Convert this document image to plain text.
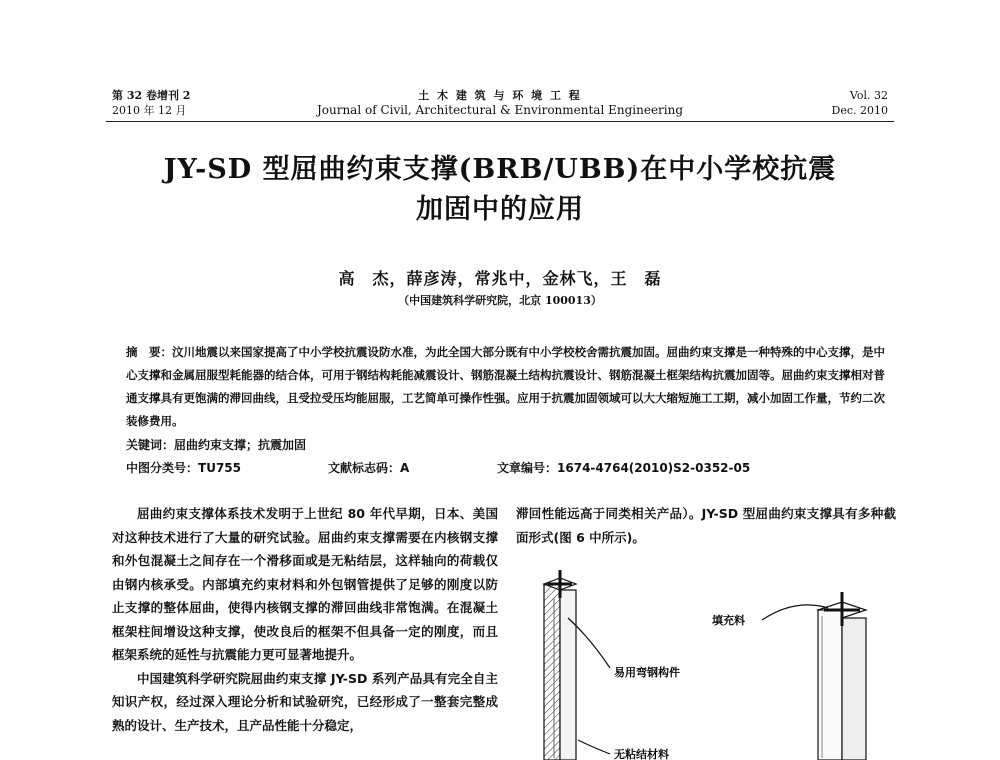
第 32 卷增刊 2
2010 年 12 月
土 木 建 筑 与 环 境 工 程
Journal of Civil, Architectural & Environmental Engineering
Vol. 32
Dec. 2010
JY-SD 型屈曲约束支撑(BRB/UBB)在中小学校抗震
加固中的应用
高　杰，薛彦涛，常兆中，金林飞，王　磊
（中国建筑科学研究院，北京 100013）
摘　要：汶川地震以来国家提高了中小学校抗震设防水准，为此全国大部分既有中小学校校舍需抗震加固。屈曲约束支撑是一种特殊的中心支撑，是中心支撑和金属屈服型耗能器的结合体，可用于钢结构耗能减震设计、钢筋混凝土结构抗震设计、钢筋混凝土框架结构抗震加固等。屈曲约束支撑相对普通支撑具有更饱满的滞回曲线，且受拉受压均能屈服，工艺简单可操作性强。应用于抗震加固领域可以大大缩短施工工期，减小加固工作量，节约二次装修费用。
关键词：屈曲约束支撑；抗震加固
中图分类号：TU755	文献标志码：A	文章编号：1674-4764(2010)S2-0352-05

屈曲约束支撑体系技术发明于上世纪 80 年代早期，日本、美国对这种技术进行了大量的研究试验。屈曲约束支撑需要在内核钢支撑和外包混凝土之间存在一个滑移面或是无粘结层，这样轴向的荷载仅由钢内核承受。内部填充约束材料和外包钢管提供了足够的刚度以防止支撑的整体屈曲，使得内核钢支撑的滞回曲线非常饱满。在混凝土框架柱间增设这种支撑，使改良后的框架不但具备一定的刚度，而且框架系统的延性与抗震能力更可显著地提升。

中国建筑科学研究院屈曲约束支撑 JY-SD 系列产品具有完全自主知识产权，经过深入理论分析和试验研究，已经形成了一整套完整成熟的设计、生产技术，且产品性能十分稳定，

滞回性能远高于同类相关产品）。JY-SD 型屈曲约束支撑具有多种截面形式(图 6 中所示)。
填充料
易用弯钢构件
无粘结材料
